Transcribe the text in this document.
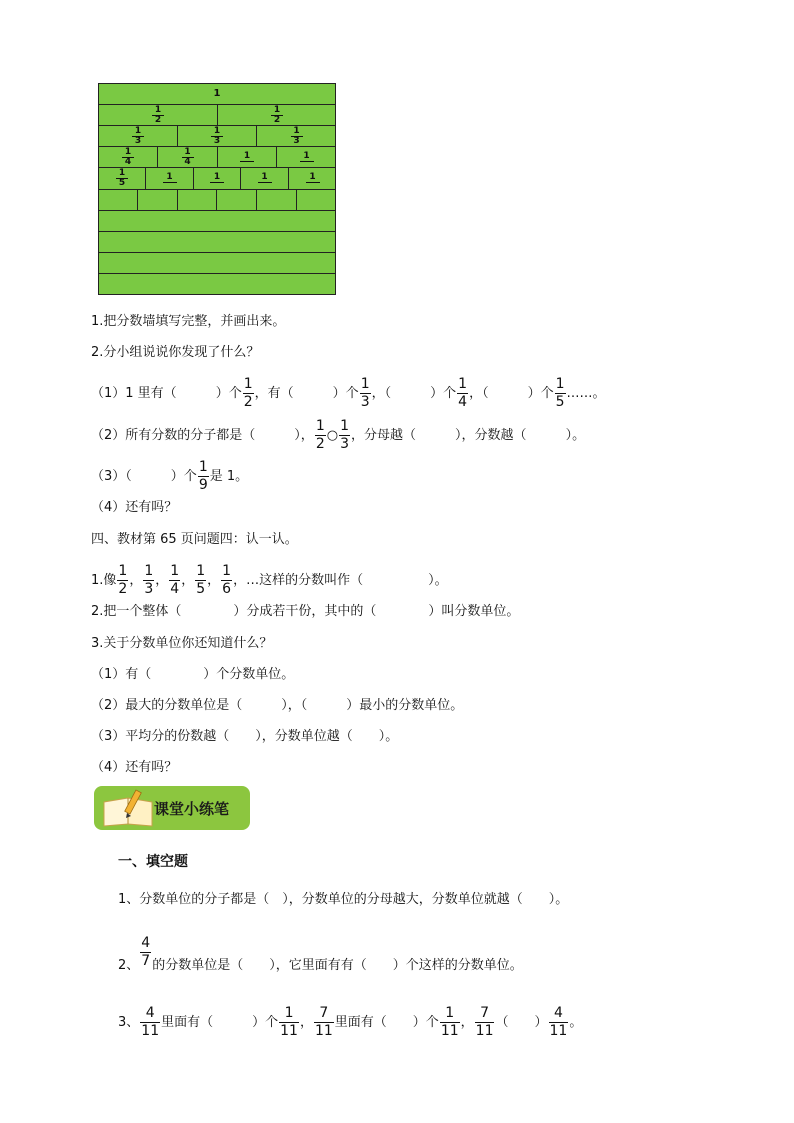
1
$\frac{1}{2}$	$\frac{1}{2}$
$\frac{1}{3}$	$\frac{1}{3}$	$\frac{1}{3}$
$\frac{1}{4}$	$\frac{1}{4}$	1	1
$\frac{1}{5}$	1	1	1	1
1.把分数墙填写完整，并画出来。
2.分小组说说你发现了什么？
（1）1 里有（　　　	）个 $\frac{1}{2}$ ，有（　　　	）个 $\frac{1}{3}$ ，（　　　	）个 $\frac{1}{4}$ ，（　　　	）个 $\frac{1}{5}$ ……。
（2）所有分数的分子都是（　　　	）， $\frac{1}{2}$ ○ $\frac{1}{3}$ ，分母越（　　　	），分数越（　　　	）。
（3）（　　　	）个 $\frac{1}{9}$ 是 1。
（4）还有吗？
四、教材第 65 页问题四：认一认。
1.像 $\frac{1}{2}$ ， $\frac{1}{3}$ ， $\frac{1}{4}$ ， $\frac{1}{5}$ ， $\frac{1}{6}$ ，…这样的分数叫作（　　　　　	）。
2.把一个整体（　　　　）分成若干份，其中的（　　　　）叫分数单位。
3.关于分数单位你还知道什么？
（1）有（　　　　）个分数单位。
（2）最大的分数单位是（　　　），（　　　）最小的分数单位。
（3）平均分的份数越（　　），分数单位越（　　）。
（4）还有吗？
课堂小练笔
一、填空题
1、分数单位的分子都是（　），分数单位的分母越大，分数单位就越（　　）。
2、 $\frac{4}{7}$ 的分数单位是（　　），它里面有有（　　）个这样的分数单位。
3、 $\frac{4}{11}$ 里面有（　　　）个 $\frac{1}{11}$ ， $\frac{7}{11}$ 里面有（　　）个 $\frac{1}{11}$ ， $\frac{7}{11}$ （　　） $\frac{4}{11}$ 。
